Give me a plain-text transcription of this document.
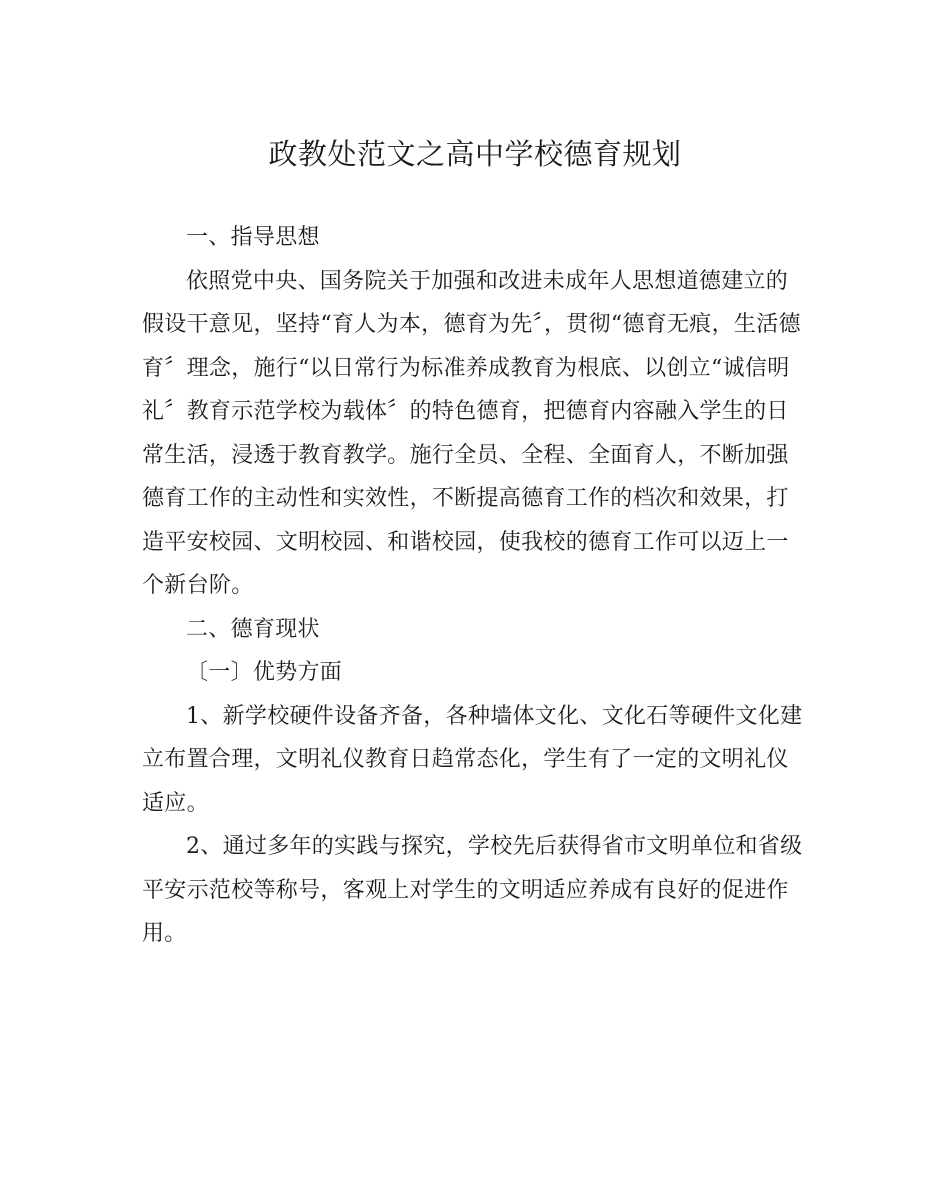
政教处范文之高中学校德育规划

一、指导思想

依照党中央、国务院关于加强和改进未成年人思想道德建立的假设干意见，坚持“育人为本，德育为先〞，贯彻“德育无痕，生活德育〞理念，施行“以日常行为标准养成教育为根底、以创立“诚信明礼〞教育示范学校为载体〞的特色德育，把德育内容融入学生的日常生活，浸透于教育教学。施行全员、全程、全面育人，不断加强德育工作的主动性和实效性，不断提高德育工作的档次和效果，打造平安校园、文明校园、和谐校园，使我校的德育工作可以迈上一个新台阶。

二、德育现状

〔一〕优势方面

1、新学校硬件设备齐备，各种墙体文化、文化石等硬件文化建立布置合理，文明礼仪教育日趋常态化，学生有了一定的文明礼仪适应。

2、通过多年的实践与探究，学校先后获得省市文明单位和省级平安示范校等称号，客观上对学生的文明适应养成有良好的促进作用。
